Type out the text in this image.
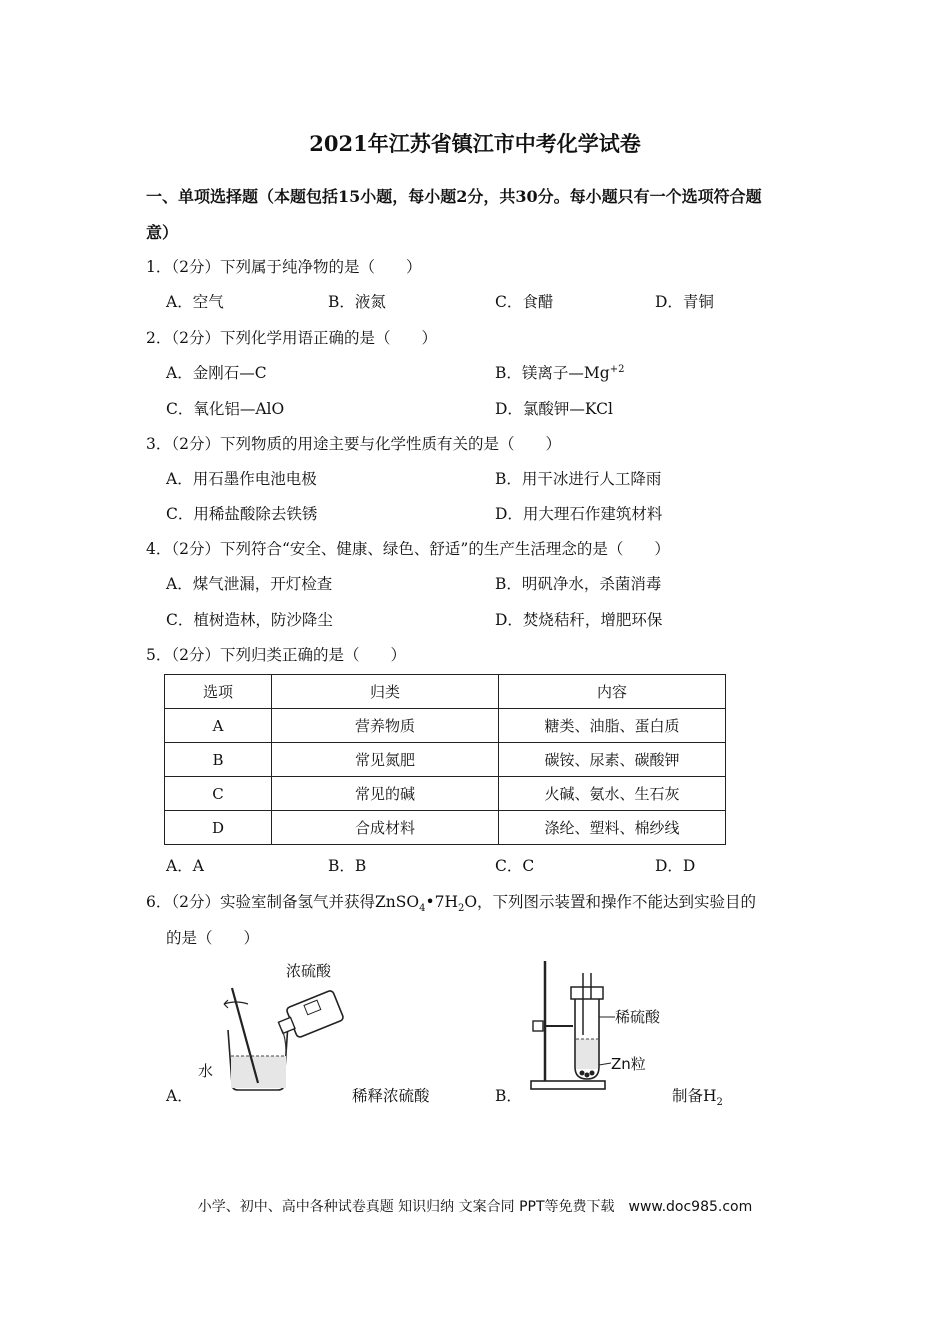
2021年江苏省镇江市中考化学试卷
一、单项选择题（本题包括15小题，每小题2分，共30分。每小题只有一个选项符合题
意）
1．（2分）下列属于纯净物的是（　　）
A．空气	B．液氮	C．食醋	D．青铜
2．（2分）下列化学用语正确的是（　　）
A．金刚石—C	B．镁离子$—Mg^{+2}$
C．氧化铝—AlO	D．氯酸钾—KCl
3．（2分）下列物质的用途主要与化学性质有关的是（　　）
A．用石墨作电池电极	B．用干冰进行人工降雨
C．用稀盐酸除去铁锈	D．用大理石作建筑材料
4．（2分）下列符合“安全、健康、绿色、舒适”的生产生活理念的是（　　）
A．煤气泄漏，开灯检查	B．明矾净水，杀菌消毒
C．植树造林，防沙降尘	D．焚烧秸秆，增肥环保
5．（2分）下列归类正确的是（　　）
选项	归类	内容
A	营养物质	糖类、油脂、蛋白质
B	常见氮肥	碳铵、尿素、碳酸钾
C	常见的碱	火碱、氨水、生石灰
D	合成材料	涤纶、塑料、棉纱线
A．A	B．B	C．C	D．D
6．（2分）实验室制备氢气并获得$ZnSO_4•7H_2O$，下列图示装置和操作不能达到实验目的
的是（　　）
浓硫酸
水
A．	稀释浓硫酸
稀硫酸
Zn粒
B．	制备$H_2$
小学、初中、高中各种试卷真题 知识归纳 文案合同 PPT等免费下载　www.doc985.com
